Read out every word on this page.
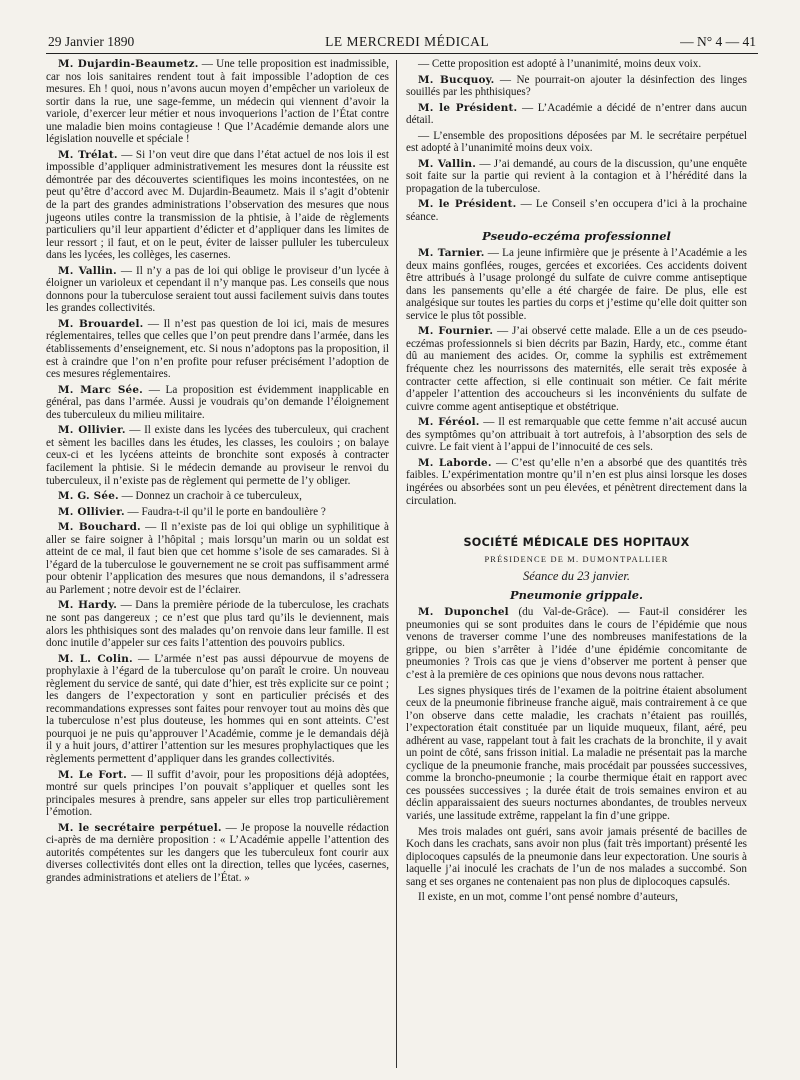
29 Janvier 1890	LE MERCREDI MÉDICAL	— N° 4 — 41

M. Dujardin-Beaumetz. — Une telle proposition est inadmissible, car nos lois sanitaires rendent tout à fait impossible l’adoption de ces mesures. Eh ! quoi, nous n’avons aucun moyen d’empêcher un varioleux de sortir dans la rue, une sage-femme, un médecin qui viennent d’avoir la variole, d’exercer leur métier et nous invoquerions l’action de l’État contre une maladie bien moins contagieuse ! Que l’Académie demande alors une législation nouvelle et spéciale !

M. Trélat. — Si l’on veut dire que dans l’état actuel de nos lois il est impossible d’appliquer administrativement les mesures dont la réussite est démontrée par des découvertes scientifiques les moins incontestées, on ne peut qu’être d’accord avec M. Dujardin-Beaumetz. Mais il s’agit d’obtenir de la part des grandes administrations l’observation des mesures que nous jugeons utiles contre la transmission de la phtisie, à l’aide de règlements particuliers qu’il leur appartient d’édicter et d’appliquer dans les limites de leur ressort ; il faut, et on le peut, éviter de laisser pulluler les tuberculeux dans les lycées, les collèges, les casernes.

M. Vallin. — Il n’y a pas de loi qui oblige le proviseur d’un lycée à éloigner un varioleux et cependant il n’y manque pas. Les conseils que nous donnons pour la tuberculose seraient tout aussi facilement suivis dans toutes les grandes collectivités.

M. Brouardel. — Il n’est pas question de loi ici, mais de mesures réglementaires, telles que celles que l’on peut prendre dans l’armée, dans les établissements d’enseignement, etc. Si nous n’adoptons pas la proposition, il est à craindre que l’on n’en profite pour refuser précisément l’adoption de ces mesures réglementaires.

M. Marc Sée. — La proposition est évidemment inapplicable en général, pas dans l’armée. Aussi je voudrais qu’on demande l’éloignement des tuberculeux du milieu militaire.

M. Ollivier. — Il existe dans les lycées des tuberculeux, qui crachent et sèment les bacilles dans les études, les classes, les couloirs ; on balaye ceux-ci et les lycéens atteints de bronchite sont exposés à contracter facilement la phtisie. Si le médecin demande au proviseur le renvoi du tuberculeux, il n’existe pas de règlement qui permette de l’y obliger.

M. G. Sée. — Donnez un crachoir à ce tuberculeux,

M. Ollivier. — Faudra-t-il qu’il le porte en bandoulière ?

M. Bouchard. — Il n’existe pas de loi qui oblige un syphilitique à aller se faire soigner à l’hôpital ; mais lorsqu’un marin ou un soldat est atteint de ce mal, il faut bien que cet homme s’isole de ses camarades. Si à l’égard de la tuberculose le gouvernement ne se croit pas suffisamment armé pour obtenir l’application des mesures que nous demandons, il s’adressera au Parlement ; notre devoir est de l’éclairer.

M. Hardy. — Dans la première période de la tuberculose, les crachats ne sont pas dangereux ; ce n’est que plus tard qu’ils le deviennent, mais alors les phthisiques sont des malades qu’on renvoie dans leur famille. Il est donc inutile d’appeler sur ces faits l’attention des pouvoirs publics.

M. L. Colin. — L’armée n’est pas aussi dépourvue de moyens de prophylaxie à l’égard de la tuberculose qu’on paraît le croire. Un nouveau règlement du service de santé, qui date d’hier, est très explicite sur ce point ; les dangers de l’expectoration y sont en particulier précisés et des recommandations expresses sont faites pour renvoyer tout au moins dès que la tuberculose n’est plus douteuse, les hommes qui en sont atteints. C’est pourquoi je ne puis qu’approuver l’Académie, comme je le demandais déjà il y a huit jours, d’attirer l’attention sur les mesures prophylactiques que les règlements permettent d’appliquer dans les grandes collectivités.

M. Le Fort. — Il suffit d’avoir, pour les propositions déjà adoptées, montré sur quels principes l’on pouvait s’appliquer et quelles sont les principales mesures à prendre, sans appeler sur elles trop particulièrement l’émotion.

M. le secrétaire perpétuel. — Je propose la nouvelle rédaction ci-après de ma dernière proposition : « L’Académie appelle l’attention des autorités compétentes sur les dangers que les tuberculeux font courir aux diverses collectivités dont elles ont la direction, telles que lycées, casernes, grandes administrations et ateliers de l’État. »

— Cette proposition est adopté à l’unanimité, moins deux voix.

M. Bucquoy. — Ne pourrait-on ajouter la désinfection des linges souillés par les phthisiques?

M. le Président. — L’Académie a décidé de n’entrer dans aucun détail.

— L’ensemble des propositions déposées par M. le secrétaire perpétuel est adopté à l’unanimité moins deux voix.

M. Vallin. — J’ai demandé, au cours de la discussion, qu’une enquête soit faite sur la partie qui revient à la contagion et à l’hérédité dans la propagation de la tuberculose.

M. le Président. — Le Conseil s’en occupera d’ici à la prochaine séance.

Pseudo-eczéma professionnel

M. Tarnier. — La jeune infirmière que je présente à l’Académie a les deux mains gonflées, rouges, gercées et excoriées. Ces accidents doivent être attribués à l’usage prolongé du sulfate de cuivre comme antiseptique dans les pansements qu’elle a été chargée de faire. De plus, elle est analgésique sur toutes les parties du corps et j’estime qu’elle doit quitter son service le plus tôt possible.

M. Fournier. — J’ai observé cette malade. Elle a un de ces pseudo-eczémas professionnels si bien décrits par Bazin, Hardy, etc., comme étant dû au maniement des acides. Or, comme la syphilis est extrêmement fréquente chez les nourrissons des maternités, elle serait très exposée à contracter cette affection, si elle continuait son métier. Ce fait mérite d’appeler l’attention des accoucheurs si les inconvénients du sulfate de cuivre comme agent antiseptique et obstétrique.

M. Féréol. — Il est remarquable que cette femme n’ait accusé aucun des symptômes qu’on attribuait à tort autrefois, à l’absorption des sels de cuivre. Le fait vient à l’appui de l’innocuité de ces sels.

M. Laborde. — C’est qu’elle n’en a absorbé que des quantités très faibles. L’expérimentation montre qu’il n’en est plus ainsi lorsque les doses ingérées ou absorbées sont un peu élevées, et pénètrent directement dans la circulation.

SOCIÉTÉ MÉDICALE DES HOPITAUX
PRÉSIDENCE DE M. DUMONTPALLIER
Séance du 23 janvier.
Pneumonie grippale.

M. Duponchel (du Val-de-Grâce). — Faut-il considérer les pneumonies qui se sont produites dans le cours de l’épidémie que nous venons de traverser comme l’une des nombreuses manifestations de la grippe, ou bien s’arrêter à l’idée d’une épidémie concomitante de pneumonies ? Trois cas que je viens d’observer me portent à penser que c’est à la première de ces opinions que nous devons nous rattacher.

Les signes physiques tirés de l’examen de la poitrine étaient absolument ceux de la pneumonie fibrineuse franche aiguë, mais contrairement à ce que l’on observe dans cette maladie, les crachats n’étaient pas rouillés, l’expectoration était constituée par un liquide muqueux, filant, aéré, peu adhérent au vase, rappelant tout à fait les crachats de la bronchite, il y avait un point de côté, sans frisson initial. La maladie ne présentait pas la marche cyclique de la pneumonie franche, mais procédait par poussées successives, comme la broncho-pneumonie ; la courbe thermique était en rapport avec ces poussées successives ; la durée était de trois semaines environ et au déclin apparaissaient des sueurs nocturnes abondantes, de troubles nerveux variés, une lassitude extrême, rappelant la fin d’une grippe.

Mes trois malades ont guéri, sans avoir jamais présenté de bacilles de Koch dans les crachats, sans avoir non plus (fait très important) présenté les diplocoques capsulés de la pneumonie dans leur expectoration. Une souris à laquelle j’ai inoculé les crachats de l’un de nos malades a succombé. Son sang et ses organes ne contenaient pas non plus de diplocoques capsulés.

Il existe, en un mot, comme l’ont pensé nombre d’auteurs,
